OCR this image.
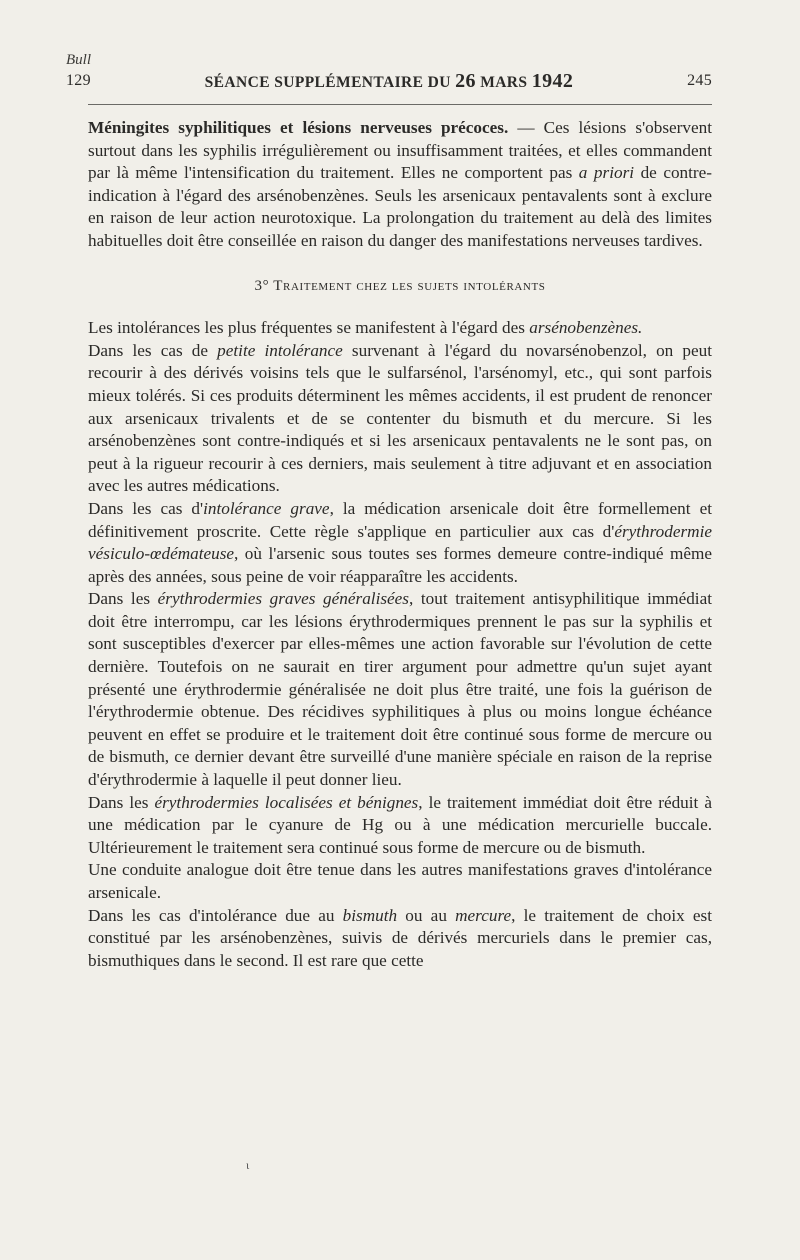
Bull
129	SÉANCE SUPPLÉMENTAIRE DU 26 MARS 1942	245

Méningites syphilitiques et lésions nerveuses précoces. — Ces lésions s'observent surtout dans les syphilis irrégulièrement ou insuffisamment traitées, et elles commandent par là même l'intensification du traitement. Elles ne comportent pas a priori de contre-indication à l'égard des arsénobenzènes. Seuls les arsenicaux pentavalents sont à exclure en raison de leur action neurotoxique. La prolongation du traitement au delà des limites habituelles doit être conseillée en raison du danger des manifestations nerveuses tardives.

3° Traitement chez les sujets intolérants

Les intolérances les plus fréquentes se manifestent à l'égard des arsénobenzènes.

Dans les cas de petite intolérance survenant à l'égard du novarsénobenzol, on peut recourir à des dérivés voisins tels que le sulfarsénol, l'arsénomyl, etc., qui sont parfois mieux tolérés. Si ces produits déterminent les mêmes accidents, il est prudent de renoncer aux arsenicaux trivalents et de se contenter du bismuth et du mercure. Si les arsénobenzènes sont contre-indiqués et si les arsenicaux pentavalents ne le sont pas, on peut à la rigueur recourir à ces derniers, mais seulement à titre adjuvant et en association avec les autres médications.

Dans les cas d'intolérance grave, la médication arsenicale doit être formellement et définitivement proscrite. Cette règle s'applique en particulier aux cas d'érythrodermie vésiculo-œdémateuse, où l'arsenic sous toutes ses formes demeure contre-indiqué même après des années, sous peine de voir réapparaître les accidents.

Dans les érythrodermies graves généralisées, tout traitement antisyphilitique immédiat doit être interrompu, car les lésions érythrodermiques prennent le pas sur la syphilis et sont susceptibles d'exercer par elles-mêmes une action favorable sur l'évolution de cette dernière. Toutefois on ne saurait en tirer argument pour admettre qu'un sujet ayant présenté une érythrodermie généralisée ne doit plus être traité, une fois la guérison de l'érythrodermie obtenue. Des récidives syphilitiques à plus ou moins longue échéance peuvent en effet se produire et le traitement doit être continué sous forme de mercure ou de bismuth, ce dernier devant être surveillé d'une manière spéciale en raison de la reprise d'érythrodermie à laquelle il peut donner lieu.

Dans les érythrodermies localisées et bénignes, le traitement immédiat doit être réduit à une médication par le cyanure de Hg ou à une médication mercurielle buccale. Ultérieurement le traitement sera continué sous forme de mercure ou de bismuth.

Une conduite analogue doit être tenue dans les autres manifestations graves d'intolérance arsenicale.

Dans les cas d'intolérance due au bismuth ou au mercure, le traitement de choix est constitué par les arsénobenzènes, suivis de dérivés mercuriels dans le premier cas, bismuthiques dans le second. Il est rare que cette

ι
